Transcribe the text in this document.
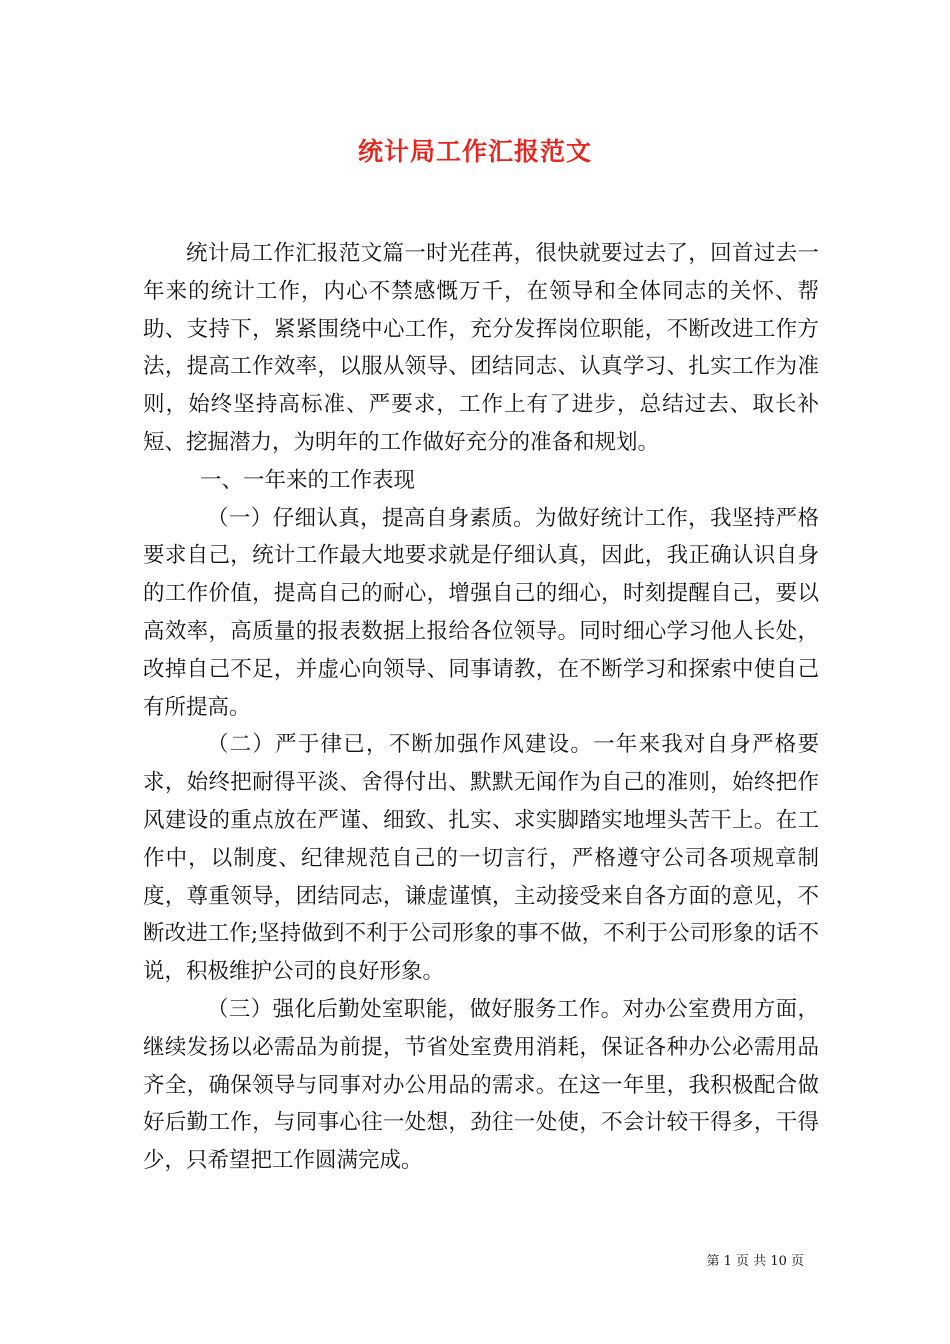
统计局工作汇报范文

统计局工作汇报范文篇一时光荏苒，很快就要过去了，回首过去一年来的统计工作，内心不禁感慨万千，在领导和全体同志的关怀、帮助、支持下，紧紧围绕中心工作，充分发挥岗位职能，不断改进工作方法，提高工作效率，以服从领导、团结同志、认真学习、扎实工作为准则，始终坚持高标准、严要求，工作上有了进步，总结过去、取长补短、挖掘潜力，为明年的工作做好充分的准备和规划。

一、一年来的工作表现

（一）仔细认真，提高自身素质。为做好统计工作，我坚持严格要求自己，统计工作最大地要求就是仔细认真，因此，我正确认识自身的工作价值，提高自己的耐心，增强自己的细心，时刻提醒自己，要以高效率，高质量的报表数据上报给各位领导。同时细心学习他人长处，改掉自己不足，并虚心向领导、同事请教，在不断学习和探索中使自己有所提高。

（二）严于律已，不断加强作风建设。一年来我对自身严格要求，始终把耐得平淡、舍得付出、默默无闻作为自己的准则，始终把作风建设的重点放在严谨、细致、扎实、求实脚踏实地埋头苦干上。在工作中，以制度、纪律规范自己的一切言行，严格遵守公司各项规章制度，尊重领导，团结同志，谦虚谨慎，主动接受来自各方面的意见，不断改进工作;坚持做到不利于公司形象的事不做，不利于公司形象的话不说，积极维护公司的良好形象。

（三）强化后勤处室职能，做好服务工作。对办公室费用方面，继续发扬以必需品为前提，节省处室费用消耗，保证各种办公必需用品齐全，确保领导与同事对办公用品的需求。在这一年里，我积极配合做好后勤工作，与同事心往一处想，劲往一处使，不会计较干得多，干得少，只希望把工作圆满完成。

第 1 页 共 10 页
